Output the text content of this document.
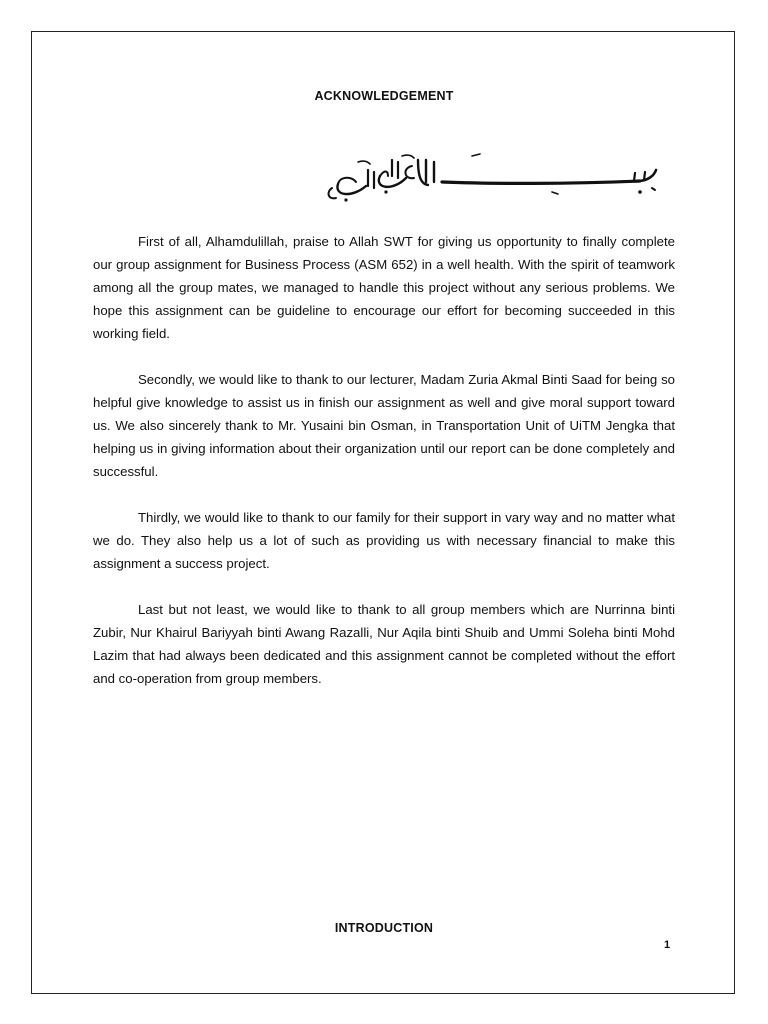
ACKNOWLEDGEMENT

First of all, Alhamdulillah, praise to Allah SWT for giving us opportunity to finally complete our group assignment for Business Process (ASM 652) in a well health. With the spirit of teamwork among all the group mates, we managed to handle this project without any serious problems. We hope this assignment can be guideline to encourage our effort for becoming succeeded in this working field.

Secondly, we would like to thank to our lecturer, Madam Zuria Akmal Binti Saad for being so helpful give knowledge to assist us in finish our assignment as well and give moral support toward us. We also sincerely thank to Mr. Yusaini bin Osman, in Transportation Unit of UiTM Jengka that helping us in giving information about their organization until our report can be done completely and successful.

Thirdly, we would like to thank to our family for their support in vary way and no matter what we do. They also help us a lot of such as providing us with necessary financial to make this assignment a success project.

Last but not least, we would like to thank to all group members which are Nurrinna binti Zubir, Nur Khairul Bariyyah binti Awang Razalli, Nur Aqila binti Shuib and Ummi Soleha binti Mohd Lazim that had always been dedicated and this assignment cannot be completed without the effort and co-operation from group members.

INTRODUCTION
1
